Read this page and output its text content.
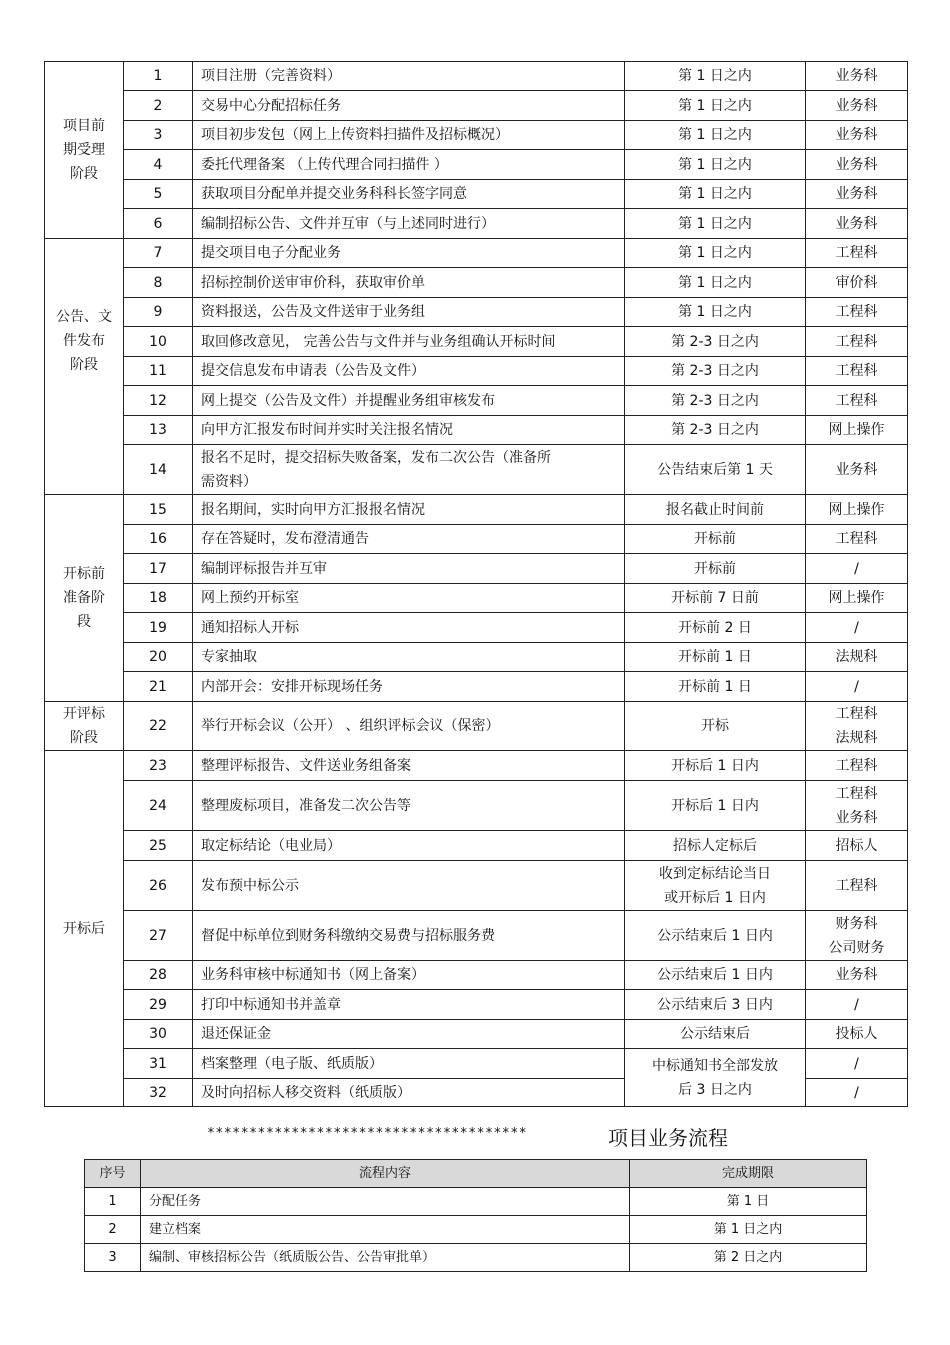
项目前
期受理
阶段	1	项目注册（完善资料）	第 1 日之内	业务科
	2	交易中心分配招标任务	第 1 日之内	业务科
	3	项目初步发包（网上上传资料扫描件及招标概况）	第 1 日之内	业务科
	4	委托代理备案 （上传代理合同扫描件 ）	第 1 日之内	业务科
	5	获取项目分配单并提交业务科科长签字同意	第 1 日之内	业务科
	6	编制招标公告、文件并互审（与上述同时进行）	第 1 日之内	业务科

公告、文
件发布
阶段	7	提交项目电子分配业务	第 1 日之内	工程科
	8	招标控制价送审审价科，获取审价单	第 1 日之内	审价科
	9	资料报送，公告及文件送审于业务组	第 1 日之内	工程科
	10	取回修改意见， 完善公告与文件并与业务组确认开标时间	第 2-3 日之内	工程科
	11	提交信息发布申请表（公告及文件）	第 2-3 日之内	工程科
	12	网上提交（公告及文件）并提醒业务组审核发布	第 2-3 日之内	工程科
	13	向甲方汇报发布时间并实时关注报名情况	第 2-3 日之内	网上操作
	14	报名不足时，提交招标失败备案，发布二次公告（准备所
需资料）	公告结束后第 1 天	业务科

开标前
准备阶
段	15	报名期间，实时向甲方汇报报名情况	报名截止时间前	网上操作
	16	存在答疑时，发布澄清通告	开标前	工程科
	17	编制评标报告并互审	开标前	/
	18	网上预约开标室	开标前 7 日前	网上操作
	19	通知招标人开标	开标前 2 日	/
	20	专家抽取	开标前 1 日	法规科
	21	内部开会：安排开标现场任务	开标前 1 日	/

开评标
阶段	22	举行开标会议（公开） 、组织评标会议（保密）	开标	工程科
法规科

开标后	23	整理评标报告、文件送业务组备案	开标后 1 日内	工程科
	24	整理废标项目，准备发二次公告等	开标后 1 日内	工程科
业务科

	25	取定标结论（电业局）	招标人定标后	招标人
	26	发布预中标公示	收到定标结论当日
或开标后 1 日内	工程科
	27	督促中标单位到财务科缴纳交易费与招标服务费	公示结束后 1 日内	财务科
公司财务

	28	业务科审核中标通知书（网上备案）	公示结束后 1 日内	业务科
	29	打印中标通知书并盖章	公示结束后 3 日内	/
	30	退还保证金	公示结束后	投标人
	31	档案整理（电子版、纸质版）	中标通知书全部发放
后 3 日之内	/
	32	及时向招标人移交资料（纸质版）		/
**************************************	项目业务流程
序号	流程内容	完成期限
1	分配任务	第 1 日
2	建立档案	第 1 日之内
3	编制、审核招标公告（纸质版公告、公告审批单）	第 2 日之内
